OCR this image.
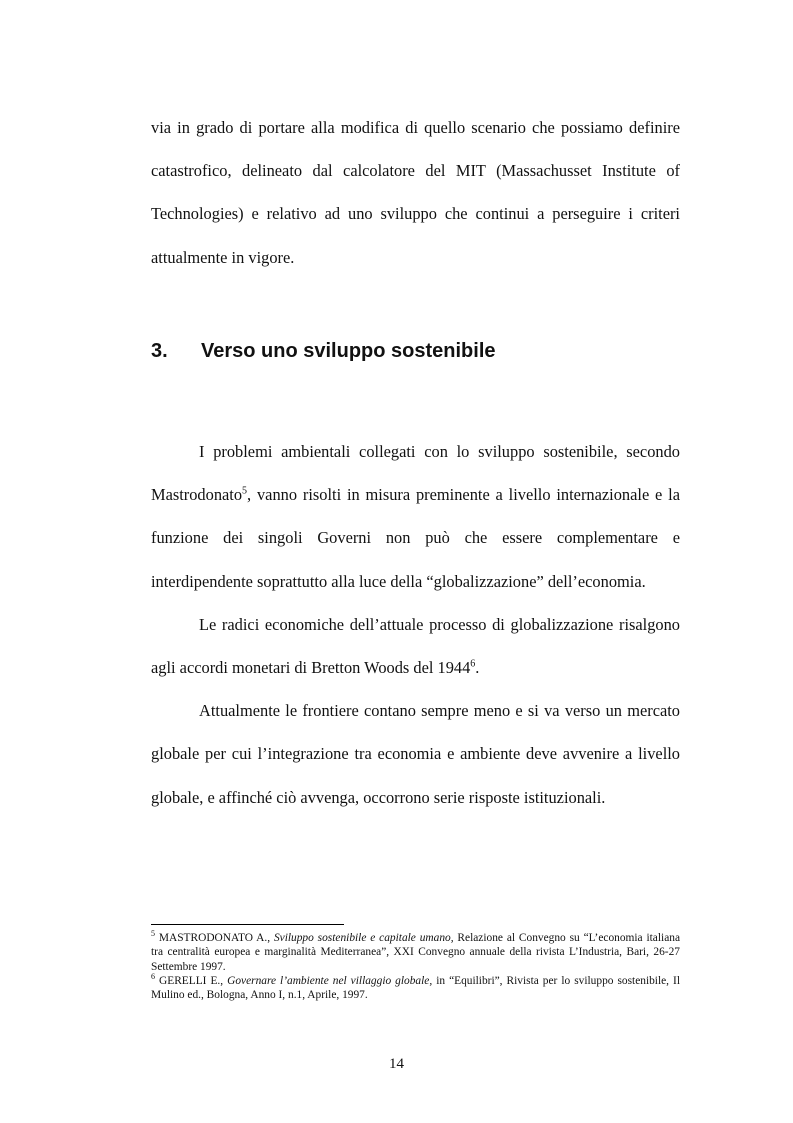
via in grado di portare alla modifica di quello scenario che possiamo definire catastrofico, delineato dal calcolatore del MIT (Massachusset Institute of Technologies) e relativo ad uno sviluppo che continui a perseguire i criteri attualmente in vigore.

3.	Verso uno sviluppo sostenibile

I problemi ambientali collegati con lo sviluppo sostenibile, secondo Mastrodonato$^5$, vanno risolti in misura preminente a livello internazionale e la funzione dei singoli Governi non può che essere complementare e interdipendente soprattutto alla luce della “globalizzazione” dell’economia.

Le radici economiche dell’attuale processo di globalizzazione risalgono agli accordi monetari di Bretton Woods del 1944$^6$.

Attualmente le frontiere contano sempre meno e si va verso un mercato globale per cui l’integrazione tra economia e ambiente deve avvenire a livello globale, e affinché ciò avvenga, occorrono serie risposte istituzionali.

$^5$ MASTRODONATO A., Sviluppo sostenibile e capitale umano, Relazione al Convegno su “L’economia italiana tra centralità europea e marginalità Mediterranea”, XXI Convegno annuale della rivista L’Industria, Bari, 26-27 Settembre 1997.

$^6$ GERELLI E., Governare l’ambiente nel villaggio globale, in “Equilibri”, Rivista per lo sviluppo sostenibile, Il Mulino ed., Bologna, Anno I, n.1, Aprile, 1997.

14
